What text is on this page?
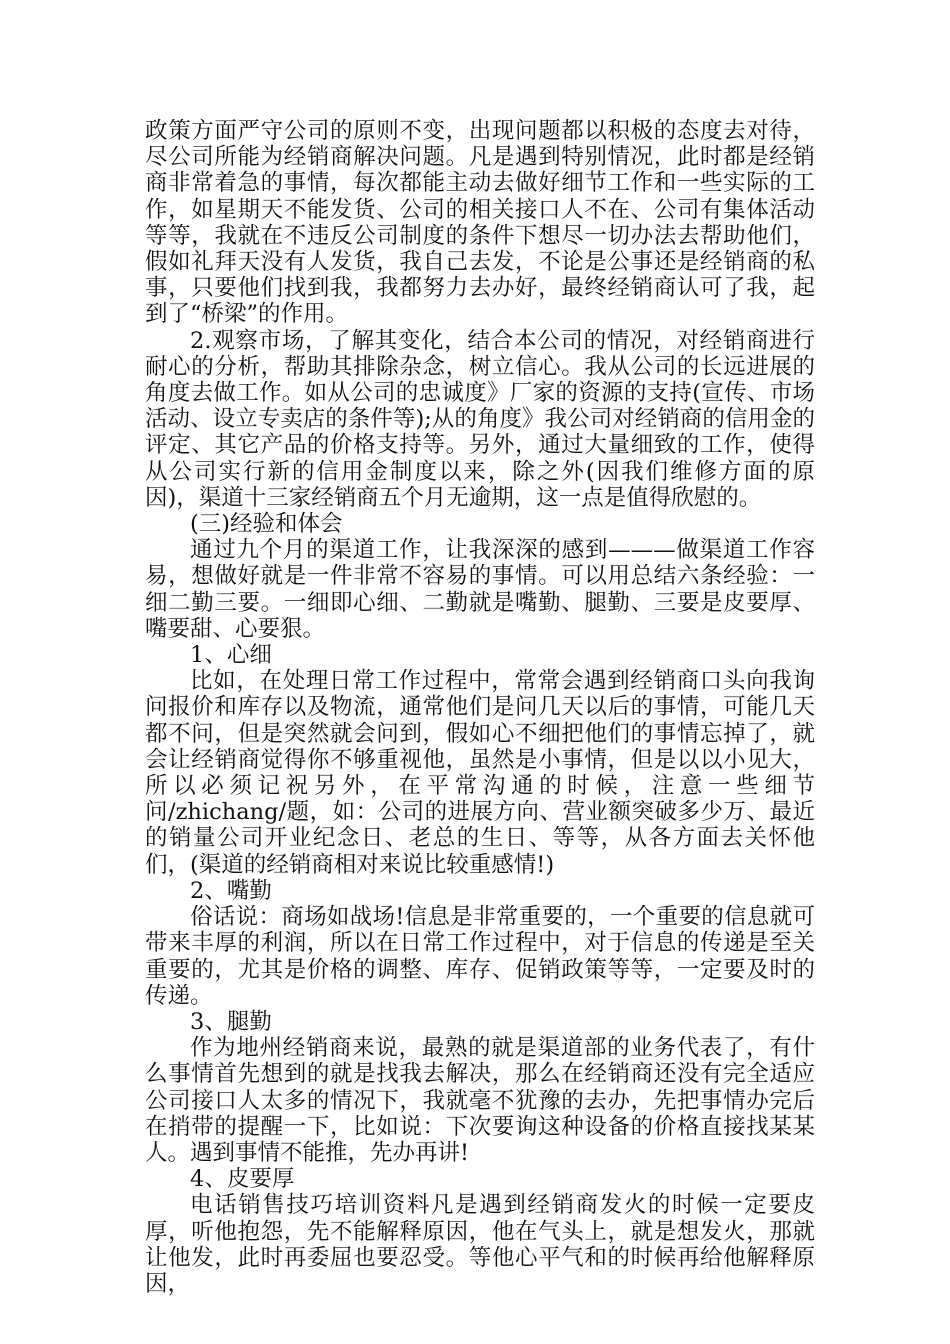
政策方面严守公司的原则不变，出现问题都以积极的态度去对待，尽公司所能为经销商解决问题。凡是遇到特别情况，此时都是经销商非常着急的事情，每次都能主动去做好细节工作和一些实际的工作，如星期天不能发货、公司的相关接口人不在、公司有集体活动等等，我就在不违反公司制度的条件下想尽一切办法去帮助他们，假如礼拜天没有人发货，我自己去发，不论是公事还是经销商的私事，只要他们找到我，我都努力去办好，最终经销商认可了我，起到了“桥梁”的作用。

2.观察市场，了解其变化，结合本公司的情况，对经销商进行耐心的分析，帮助其排除杂念，树立信心。我从公司的长远进展的角度去做工作。如从公司的忠诚度》厂家的资源的支持(宣传、市场活动、设立专卖店的条件等);从的角度》我公司对经销商的信用金的评定、其它产品的价格支持等。另外，通过大量细致的工作，使得从公司实行新的信用金制度以来，除之外(因我们维修方面的原因)，渠道十三家经销商五个月无逾期，这一点是值得欣慰的。

(三)经验和体会

通过九个月的渠道工作，让我深深的感到———做渠道工作容易，想做好就是一件非常不容易的事情。可以用总结六条经验：一细二勤三要。一细即心细、二勤就是嘴勤、腿勤、三要是皮要厚、嘴要甜、心要狠。

1、心细

比如，在处理日常工作过程中，常常会遇到经销商口头向我询问报价和库存以及物流，通常他们是问几天以后的事情，可能几天都不问，但是突然就会问到，假如心不细把他们的事情忘掉了，就会让经销商觉得你不够重视他，虽然是小事情，但是以以小见大，所以必须记祝另外，在平常沟通的时候，注意一些细节问/zhichang/题，如：公司的进展方向、营业额突破多少万、最近的销量公司开业纪念日、老总的生日、等等，从各方面去关怀他们，(渠道的经销商相对来说比较重感情!)

2、嘴勤

俗话说：商场如战场!信息是非常重要的，一个重要的信息就可带来丰厚的利润，所以在日常工作过程中，对于信息的传递是至关重要的，尤其是价格的调整、库存、促销政策等等，一定要及时的传递。

3、腿勤

作为地州经销商来说，最熟的就是渠道部的业务代表了，有什么事情首先想到的就是找我去解决，那么在经销商还没有完全适应公司接口人太多的情况下，我就毫不犹豫的去办，先把事情办完后在捎带的提醒一下，比如说：下次要询这种设备的价格直接找某某人。遇到事情不能推，先办再讲!

4、皮要厚

电话销售技巧培训资料凡是遇到经销商发火的时候一定要皮厚，听他抱怨，先不能解释原因，他在气头上，就是想发火，那就让他发，此时再委屈也要忍受。等他心平气和的时候再给他解释原因，
